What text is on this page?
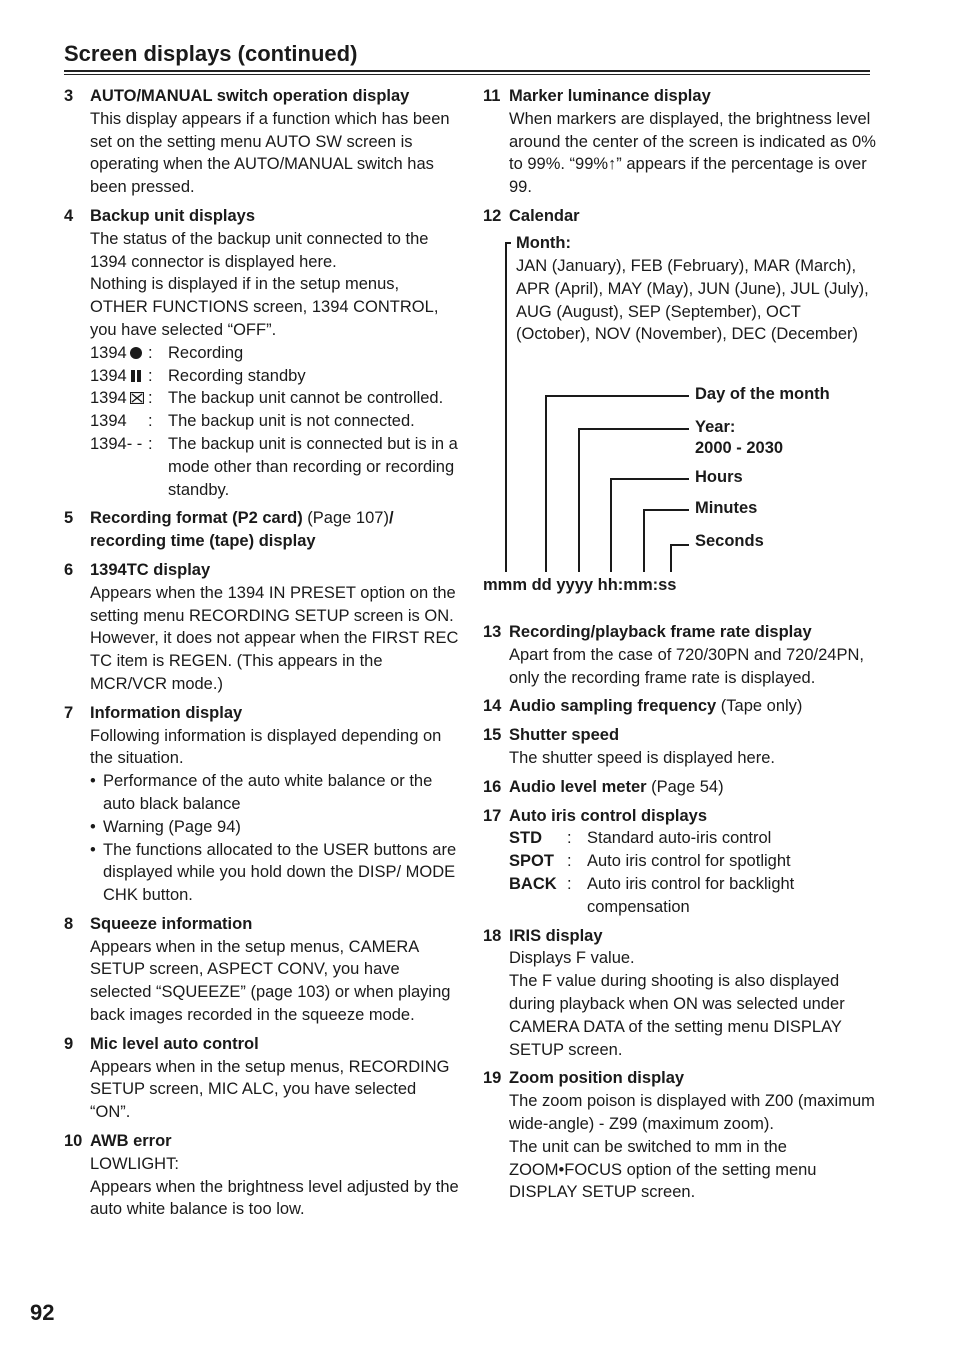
Screen displays (continued)
3	AUTO/MANUAL switch operation display
This display appears if a function which has been set on the setting menu AUTO SW screen is operating when the AUTO/MANUAL switch has been pressed.
4	Backup unit displays
The status of the backup unit connected to the 1394 connector is displayed here.
Nothing is displayed if in the setup menus, OTHER FUNCTIONS screen, 1394 CONTROL, you have selected “OFF”.
1394	: Recording
1394	: Recording standby
1394	: The backup unit cannot be controlled.
1394	: The backup unit is not connected.
1394- - : The backup unit is connected but is in a mode other than recording or recording standby.
5	Recording format (P2 card) (Page 107)/ recording time (tape) display
6	1394TC display
Appears when the 1394 IN PRESET option on the setting menu RECORDING SETUP screen is ON. However, it does not appear when the FIRST REC TC item is REGEN. (This appears in the MCR/VCR mode.)
7	Information display
Following information is displayed depending on the situation.
• Performance of the auto white balance or the auto black balance
• Warning (Page 94)
• The functions allocated to the USER buttons are displayed while you hold down the DISP/ MODE CHK button.
8	Squeeze information
Appears when in the setup menus, CAMERA SETUP screen, ASPECT CONV, you have selected “SQUEEZE” (page 103) or when playing back images recorded in the squeeze mode.
9	Mic level auto control
Appears when in the setup menus, RECORDING SETUP screen, MIC ALC, you have selected “ON”.
10 AWB error
LOWLIGHT:
Appears when the brightness level adjusted by the auto white balance is too low.
11 Marker luminance display
When markers are displayed, the brightness level around the center of the screen is indicated as 0% to 99%. “99%↑” appears if the percentage is over 99.
12 Calendar
Month:
JAN (January), FEB (February), MAR (March), APR (April), MAY (May), JUN (June), JUL (July), AUG (August), SEP (September), OCT (October), NOV (November), DEC (December)
Day of the month
Year:
2000 - 2030
Hours
Minutes
Seconds
mmm dd yyyy hh:mm:ss
13 Recording/playback frame rate display
Apart from the case of 720/30PN and 720/24PN, only the recording frame rate is displayed.
14 Audio sampling frequency (Tape only)
15 Shutter speed
The shutter speed is displayed here.
16 Audio level meter (Page 54)
17 Auto iris control displays
STD	: Standard auto-iris control
SPOT : Auto iris control for spotlight
BACK : Auto iris control for backlight compensation
18 IRIS display
Displays F value.
The F value during shooting is also displayed during playback when ON was selected under CAMERA DATA of the setting menu DISPLAY SETUP screen.
19 Zoom position display
The zoom poison is displayed with Z00 (maximum wide-angle) - Z99 (maximum zoom).
The unit can be switched to mm in the ZOOM•FOCUS option of the setting menu DISPLAY SETUP screen.
92
